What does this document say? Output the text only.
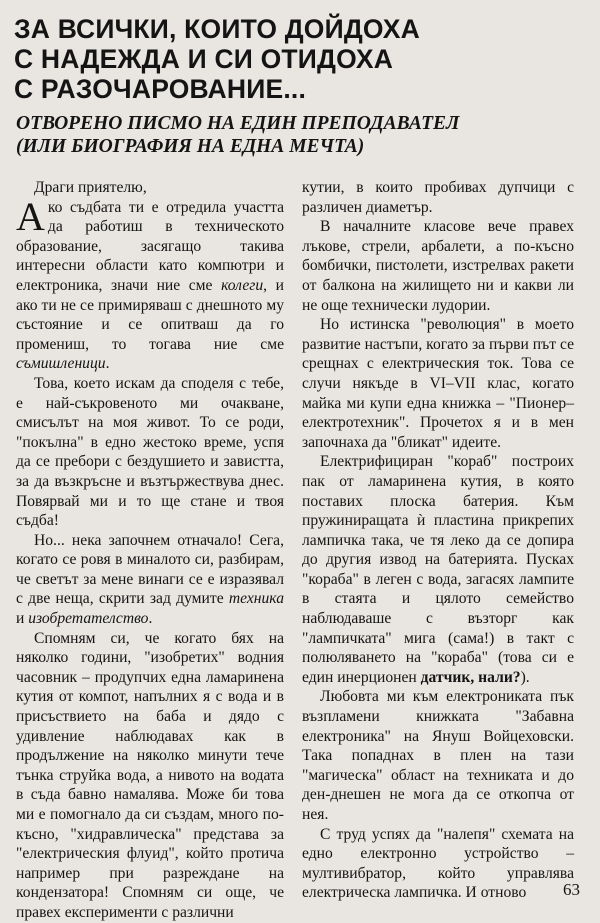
ЗА ВСИЧКИ, КОИТО ДОЙДОХА
С НАДЕЖДА И СИ ОТИДОХА
С РАЗОЧАРОВАНИЕ...
ОТВОРЕНО ПИСМО НА ЕДИН ПРЕПОДАВАТЕЛ
(ИЛИ БИОГРАФИЯ НА ЕДНА МЕЧТА)

Драги приятелю,

Ако съдбата ти е отредила участта да работиш в техническото образование, засягащо такива интересни области като компютри и електроника, значи ние сме колеги, и ако ти не се примиряваш с днешното му състояние и се опитваш да го промениш, то тогава ние сме съмишленици.

Това, което искам да споделя с тебе, е най-съкровеното ми очакване, смисълът на моя живот. То се роди, "покълна" в едно жестоко време, успя да се пребори с бездушието и завистта, за да възкръсне и възтържествува днес. Повярвай ми и то ще стане и твоя съдба!

Но... нека започнем отначало! Сега, когато се ровя в миналото си, разбирам, че светът за мене винаги се е изразявал с две неща, скрити зад думите техника и изобретателство.

Спомням си, че когато бях на няколко години, "изобретих" водния часовник – продупчих една ламаринена кутия от компот, напълних я с вода и в присъствието на баба и дядо с удивление наблюдавах как в продължение на няколко минути тече тънка струйка вода, а нивото на водата в съда бавно намалява. Може би това ми е помогнало да си създам, много по-късно, "хидравлическа" представа за "електрическия флуид", който протича например при разреждане на кондензатора! Спомням си още, че правех експерименти с различни

кутии, в които пробивах дупчици с различен диаметър.

В началните класове вече правех лъкове, стрели, арбалети, а по-късно бомбички, пистолети, изстрелвах ракети от балкона на жилището ни и какви ли не още технически лудории.

Но истинска "революция" в моето развитие настъпи, когато за първи път се срещнах с електрическия ток. Това се случи някъде в VI–VII клас, когато майка ми купи една книжка – "Пионер–електротехник". Прочетох я и в мен започнаха да "бликат" идеите.

Електрифициран "кораб" построих пак от ламаринена кутия, в която поставих плоска батерия. Към пружиниращата ѝ пластина прикрепих лампичка така, че тя леко да се допира до другия извод на батерията. Пускаx "кораба" в леген с вода, загасях лампите в стаята и цялото семейство наблюдаваше с възторг как "лампичката" мига (сама!) в такт с полюляването на "кораба" (това си е един инерционен датчик, нали?).

Любовта ми към електрониката пък възпламени книжката "Забавна електроника" на Януш Войцеховски. Така попаднах в плен на тази "магическа" област на техниката и до ден-днешен не мога да се откопча от нея.

С труд успях да "налепя" схемата на едно електронно устройство – мултивибратор, който управлява електрическа лампичка. И отново	63
